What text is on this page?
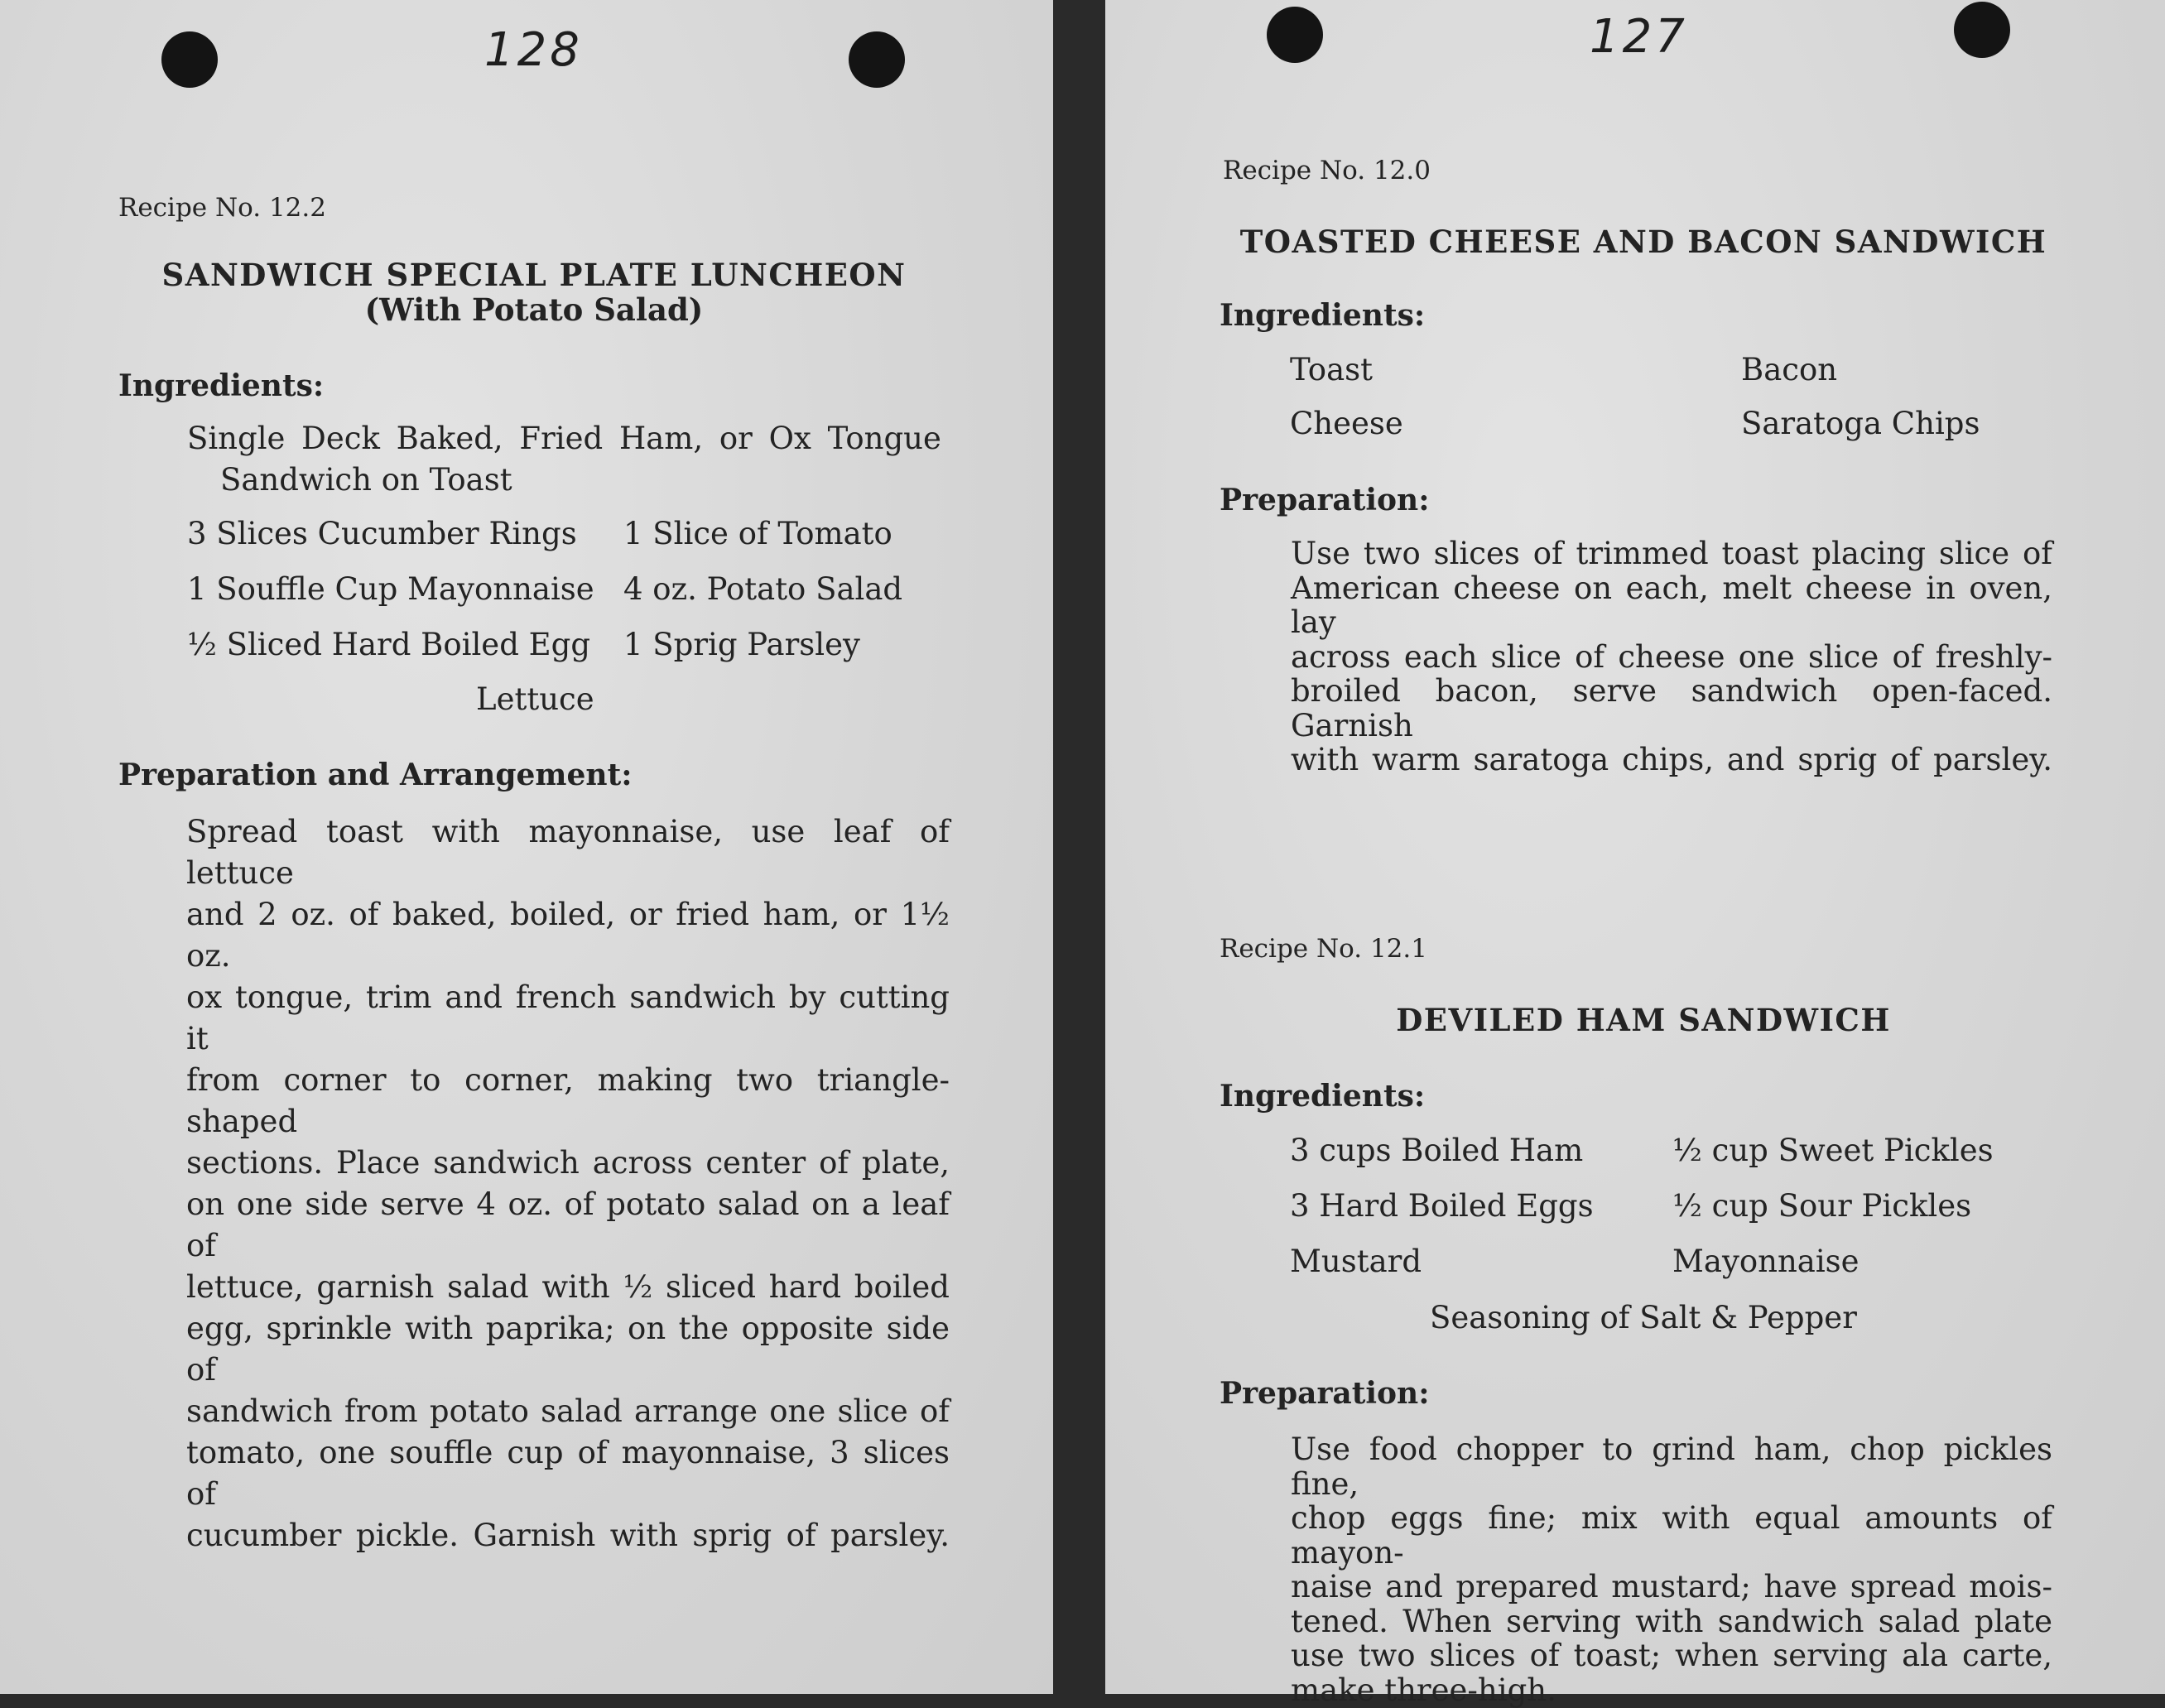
128
Recipe No. 12.2
SANDWICH SPECIAL PLATE LUNCHEON
(With Potato Salad)
Ingredients:
Single Deck Baked, Fried Ham, or Ox Tongue
Sandwich on Toast
3 Slices Cucumber Rings
1 Souffle Cup Mayonnaise
½ Sliced Hard Boiled Egg
1 Slice of Tomato
4 oz. Potato Salad
1 Sprig Parsley
Lettuce
Preparation and Arrangement:
Spread toast with mayonnaise, use leaf of lettuce
and 2 oz. of baked, boiled, or fried ham, or 1½ oz.
ox tongue, trim and french sandwich by cutting it
from corner to corner, making two triangle-shaped
sections. Place sandwich across center of plate,
on one side serve 4 oz. of potato salad on a leaf of
lettuce, garnish salad with ½ sliced hard boiled
egg, sprinkle with paprika; on the opposite side of
sandwich from potato salad arrange one slice of
tomato, one souffle cup of mayonnaise, 3 slices of
cucumber pickle. Garnish with sprig of parsley.
127
Recipe No. 12.0
TOASTED CHEESE AND BACON SANDWICH
Ingredients:
Toast
Cheese
Bacon
Saratoga Chips
Preparation:
Use two slices of trimmed toast placing slice of
American cheese on each, melt cheese in oven, lay
across each slice of cheese one slice of freshly-
broiled bacon, serve sandwich open-faced. Garnish
with warm saratoga chips, and sprig of parsley.
Recipe No. 12.1
DEVILED HAM SANDWICH
Ingredients:
3 cups Boiled Ham
3 Hard Boiled Eggs
Mustard
½ cup Sweet Pickles
½ cup Sour Pickles
Mayonnaise
Seasoning of Salt & Pepper
Preparation:
Use food chopper to grind ham, chop pickles fine,
chop eggs fine; mix with equal amounts of mayon-
naise and prepared mustard; have spread mois-
tened. When serving with sandwich salad plate
use two slices of toast; when serving ala carte,
make three-high.
